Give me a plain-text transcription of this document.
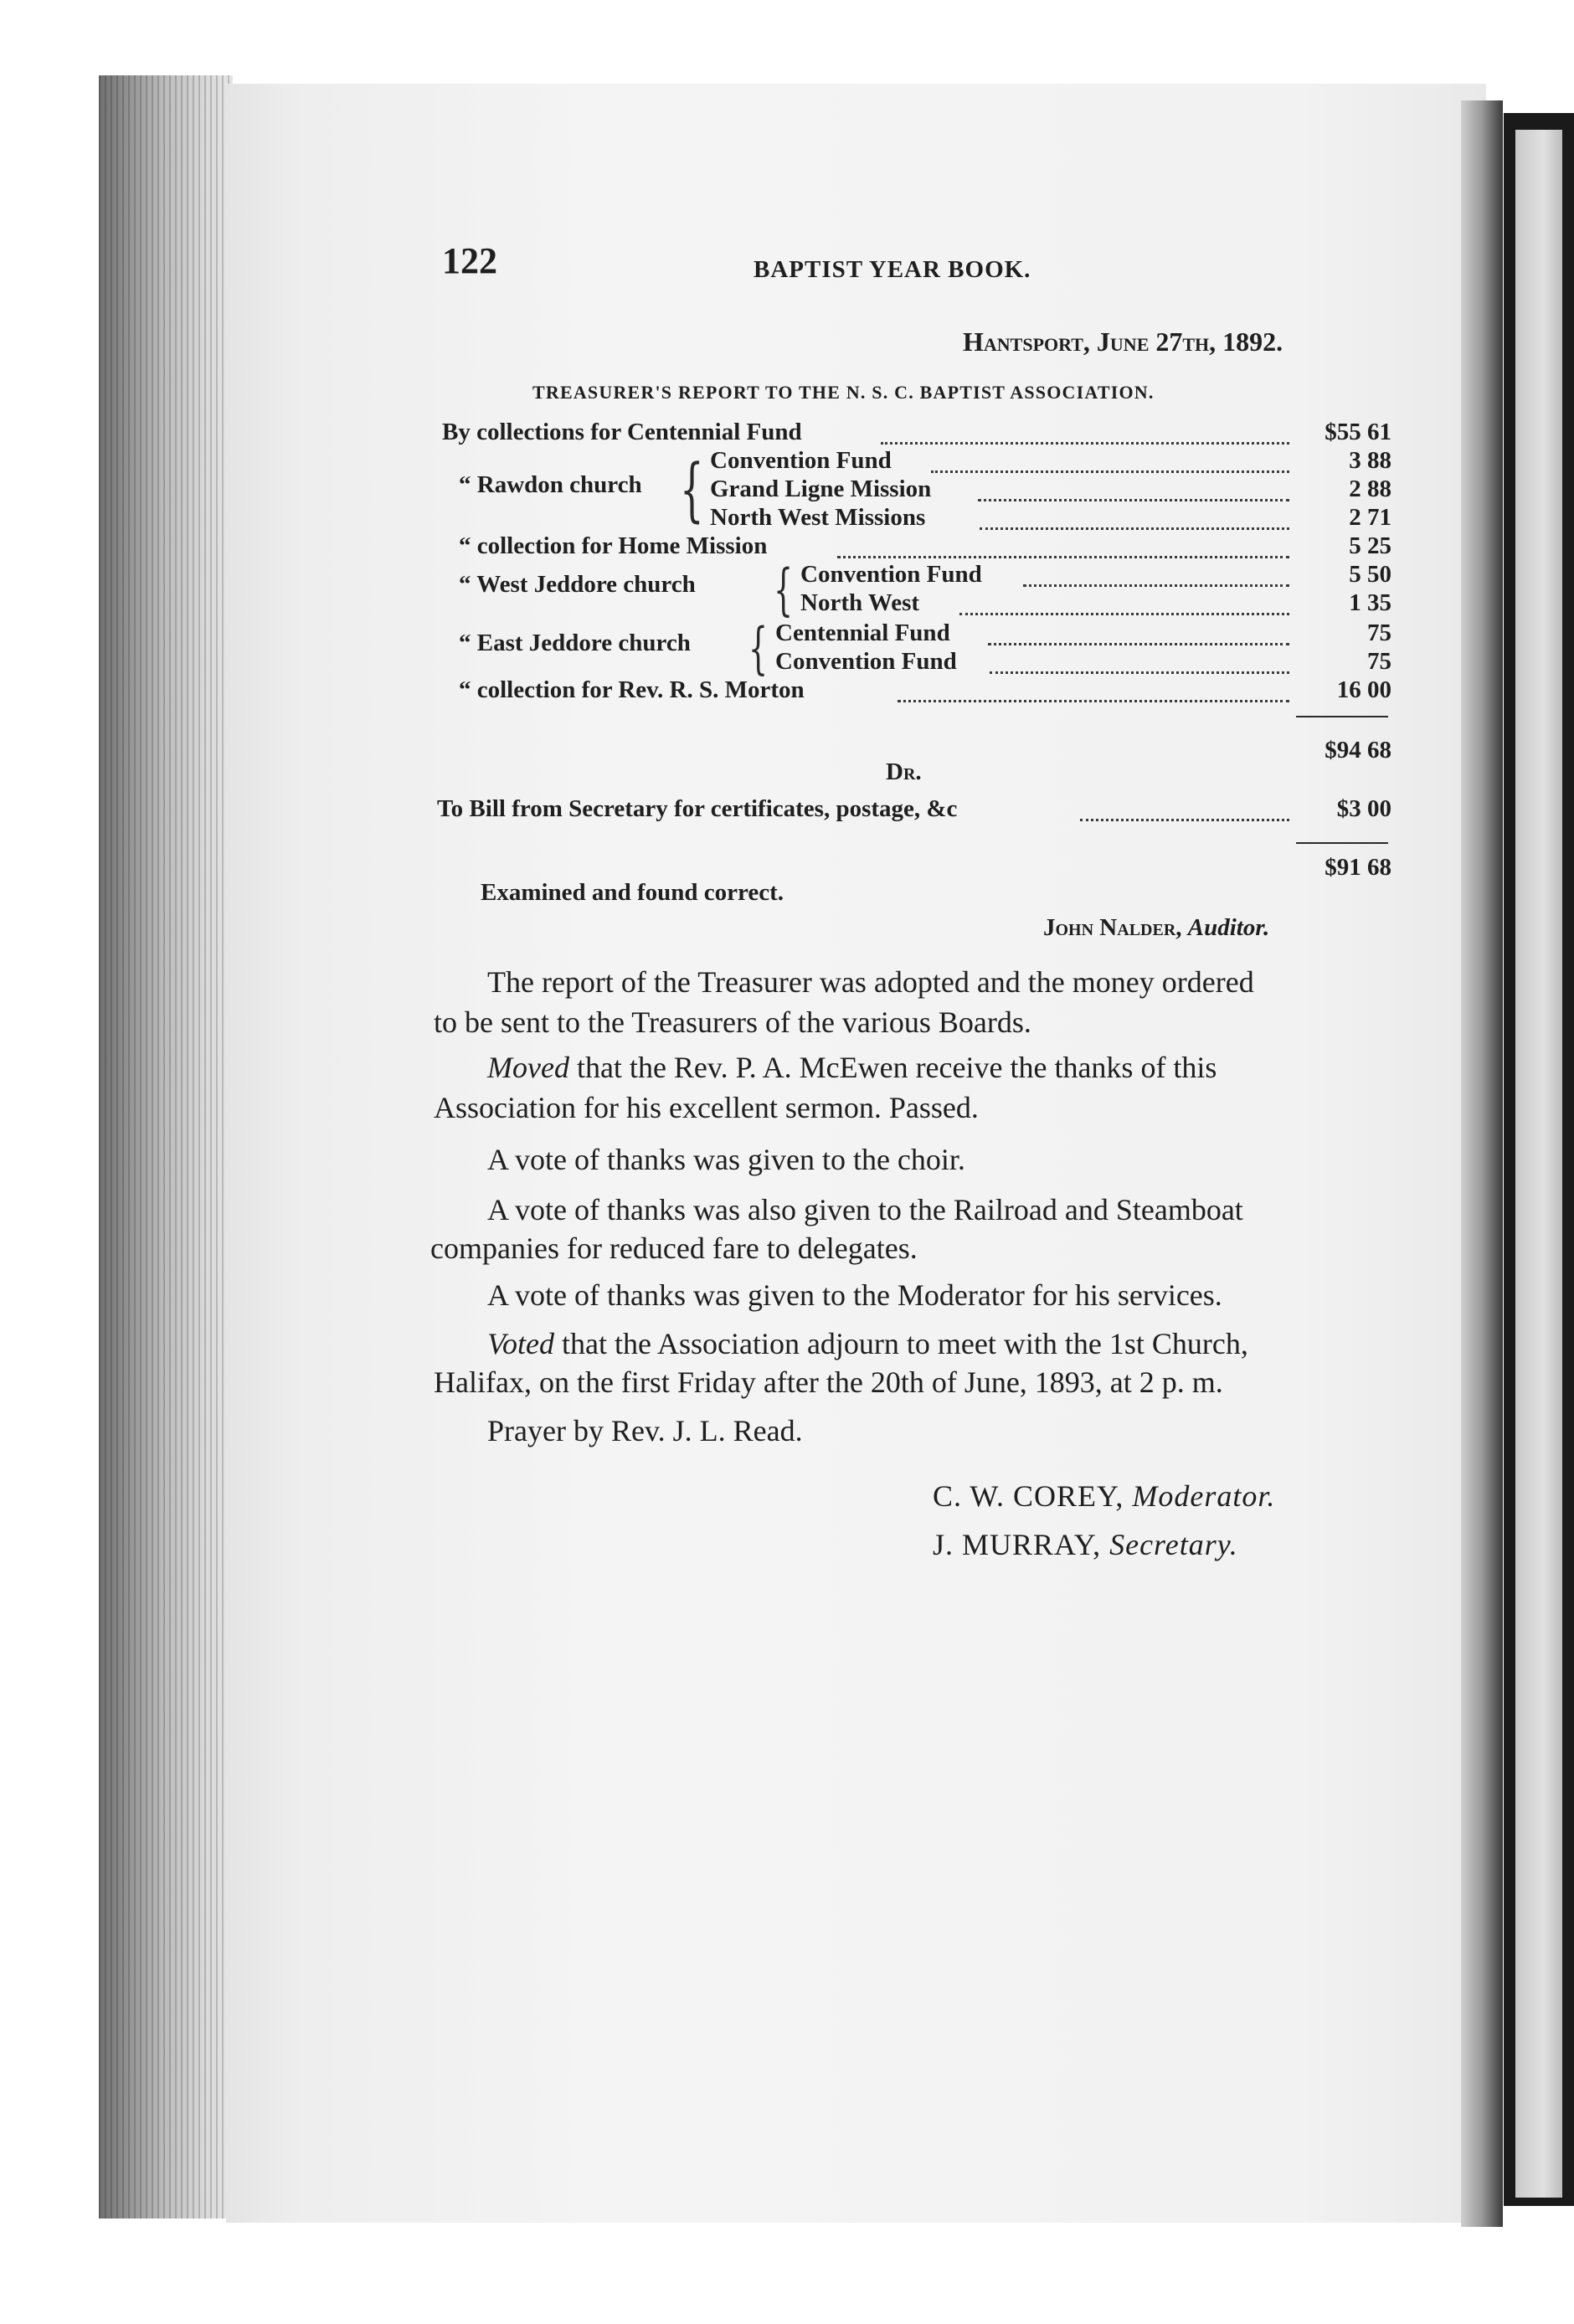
122	BAPTIST YEAR BOOK.
Hantsport, June 27th, 1892.
TREASURER'S REPORT TO THE N. S. C. BAPTIST ASSOCIATION.
By collections for Centennial Fund	$55 61
“ Rawdon church { Convention Fund	3 88
Grand Ligne Mission	2 88
North West Missions	2 71
“ collection for Home Mission	5 25
“ West Jeddore church { Convention Fund	5 50
North West	1 35
“ East Jeddore church { Centennial Fund	75
Convention Fund	75
“ collection for Rev. R. S. Morton	16 00
$94 68
Dr.
To Bill from Secretary for certificates, postage, &c	$3 00
$91 68
Examined and found correct.
John Nalder, Auditor.
The report of the Treasurer was adopted and the money ordered
to be sent to the Treasurers of the various Boards.
Moved that the Rev. P. A. McEwen receive the thanks of this
Association for his excellent sermon. Passed.
A vote of thanks was given to the choir.
A vote of thanks was also given to the Railroad and Steamboat
companies for reduced fare to delegates.
A vote of thanks was given to the Moderator for his services.
Voted that the Association adjourn to meet with the 1st Church,
Halifax, on the first Friday after the 20th of June, 1893, at 2 p. m.
Prayer by Rev. J. L. Read.
C. W. COREY, Moderator.
J. MURRAY, Secretary.
